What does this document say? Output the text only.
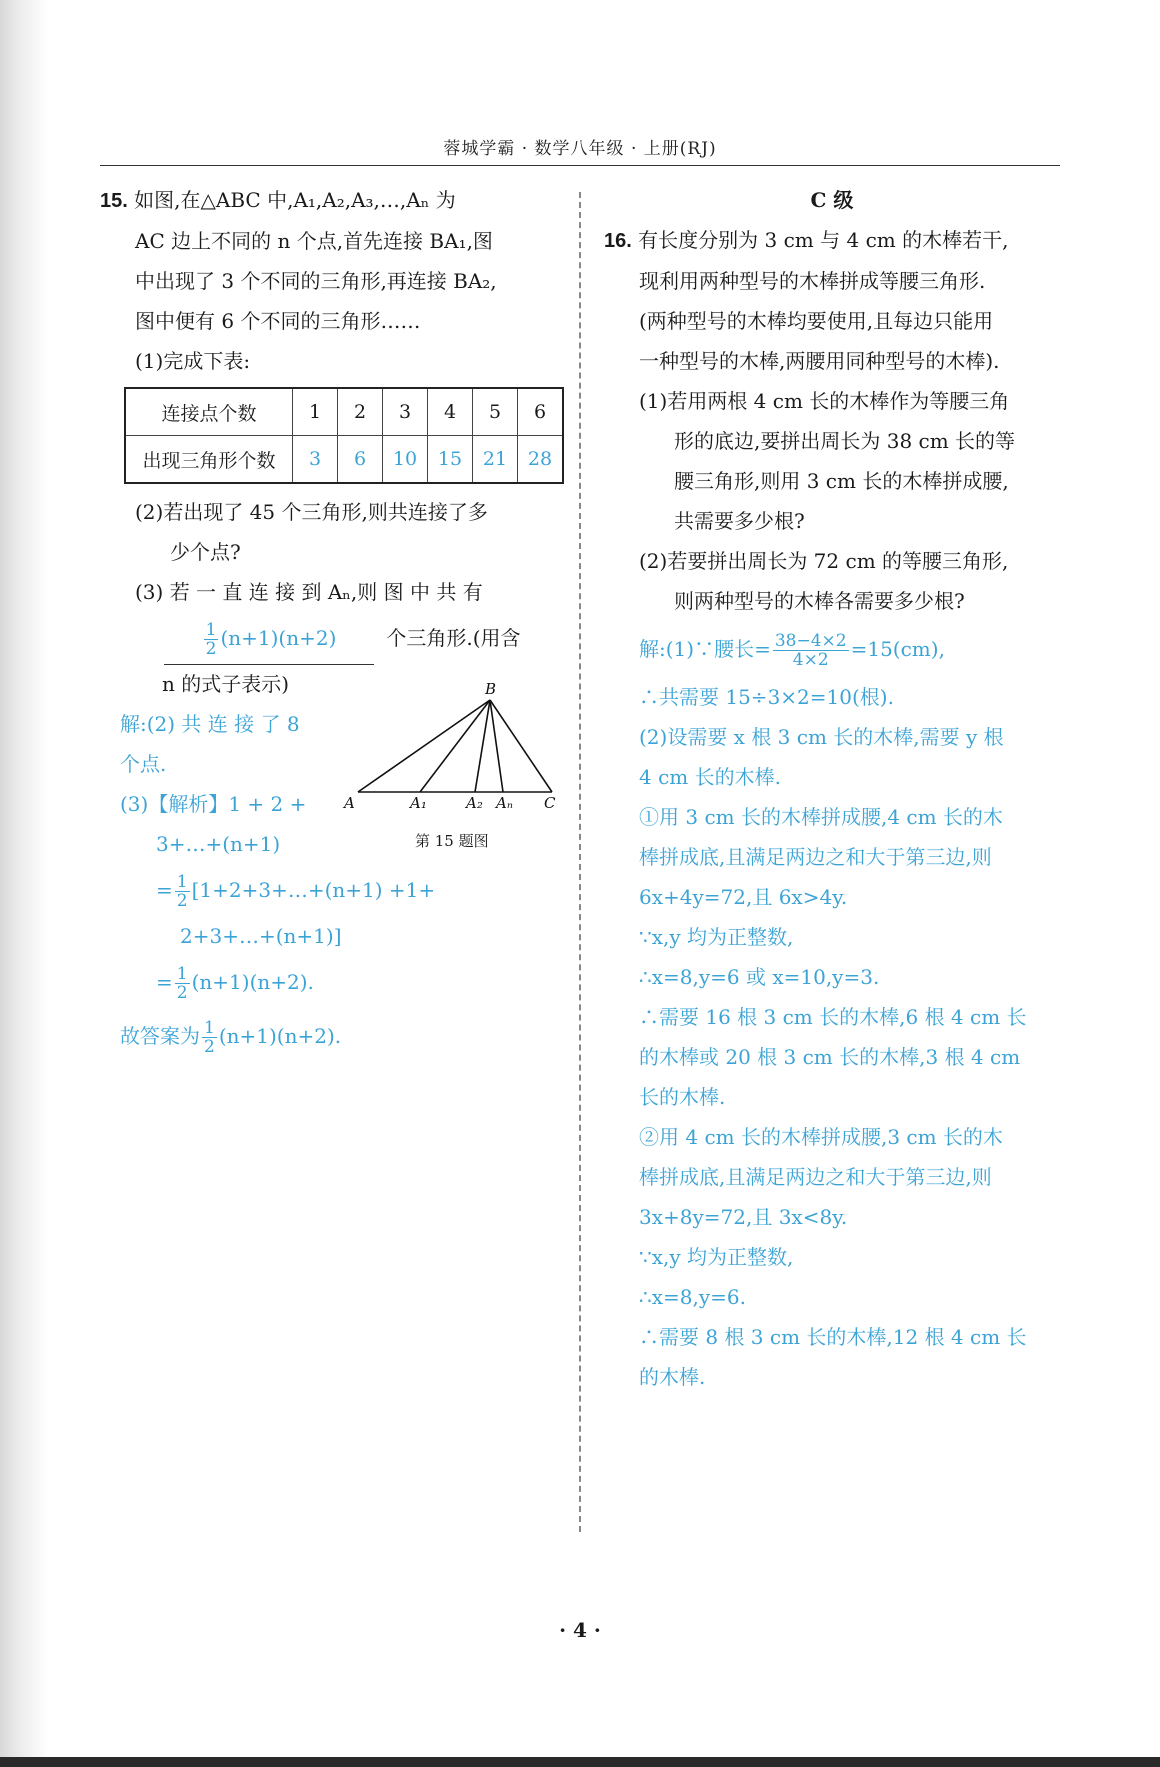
蓉城学霸 · 数学八年级 · 上册(RJ)
15. 如图,在△ABC 中,A₁,A₂,A₃,…,Aₙ 为
AC 边上不同的 n 个点,首先连接 BA₁,图
中出现了 3 个不同的三角形,再连接 BA₂,
图中便有 6 个不同的三角形……
(1)完成下表:
连接点个数	1	2	3	4	5	6
出现三角形个数	3	6	10	15	21	28
(2)若出现了 45 个三角形,则共连接了多
少个点?
(3) 若 一 直 连 接 到 Aₙ,则 图 中 共 有
$\frac{1}{2} (n+1)(n+2)$ 个三角形.(用含
n 的式子表示)
解:(2) 共 连 接 了 8
个点.
(3)【解析】1 + 2 +
3+…+(n+1)
= $\frac{1}{2}$ [1+2+3+…+(n+1) +1+
2+3+…+(n+1)]
= $\frac{1}{2} (n+1)(n+2)$.
故答案为 $\frac{1}{2} (n+1)(n+2)$.
B
A	C
A₁	A₂ Aₙ
第 15 题图
C 级
16. 有长度分别为 3 cm 与 4 cm 的木棒若干,
现利用两种型号的木棒拼成等腰三角形.
(两种型号的木棒均要使用,且每边只能用
一种型号的木棒,两腰用同种型号的木棒).
(1)若用两根 4 cm 长的木棒作为等腰三角
形的底边,要拼出周长为 38 cm 长的等
腰三角形,则用 3 cm 长的木棒拼成腰,
共需要多少根?
(2)若要拼出周长为 72 cm 的等腰三角形,
则两种型号的木棒各需要多少根?
解:(1)∵腰长= $\frac{38-4\times 2}{4\times 2} =15(cm)$,
∴共需要 15÷3×2=10(根).
(2)设需要 x 根 3 cm 长的木棒,需要 y 根
4 cm 长的木棒.
①用 3 cm 长的木棒拼成腰,4 cm 长的木
棒拼成底,且满足两边之和大于第三边,则
6x+4y=72,且 6x>4y.
∵x,y 均为正整数,
∴x=8,y=6 或 x=10,y=3.
∴需要 16 根 3 cm 长的木棒,6 根 4 cm 长
的木棒或 20 根 3 cm 长的木棒,3 根 4 cm
长的木棒.
②用 4 cm 长的木棒拼成腰,3 cm 长的木
棒拼成底,且满足两边之和大于第三边,则
3x+8y=72,且 3x<8y.
∵x,y 均为正整数,
∴x=8,y=6.
∴需要 8 根 3 cm 长的木棒,12 根 4 cm 长
的木棒.
· 4 ·
